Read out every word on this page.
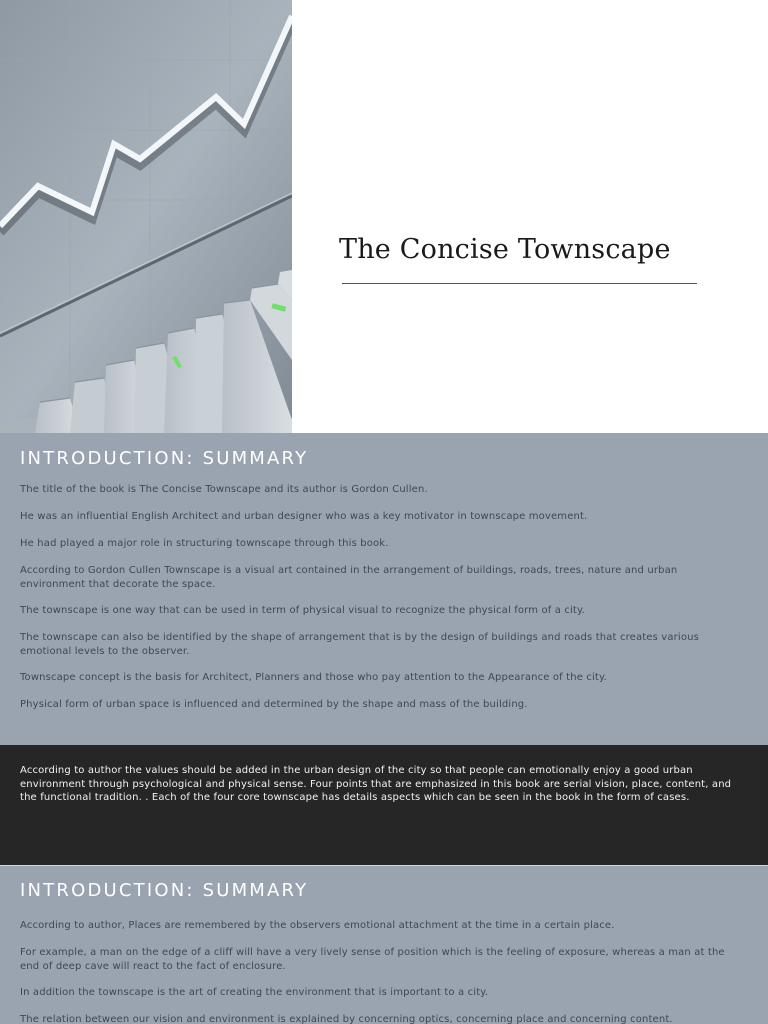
The Concise Townscape
INTRODUCTION: SUMMARY

The title of the book is The Concise Townscape and its author is Gordon Cullen.

He was an influential English Architect and urban designer who was a key motivator in townscape movement.

He had played a major role in structuring townscape through this book.

According to Gordon Cullen Townscape is a visual art contained in the arrangement of buildings, roads, trees, nature and urban environment that decorate the space.

The townscape is one way that can be used in term of physical visual to recognize the physical form of a city.

The townscape can also be identified by the shape of arrangement that is by the design of buildings and roads that creates various emotional levels to the observer.

Townscape concept is the basis for Architect, Planners and those who pay attention to the Appearance of the city.

Physical form of urban space is influenced and determined by the shape and mass of the building.

According to author the values should be added in the urban design of the city so that people can emotionally enjoy a good urban environment through psychological and physical sense. Four points that are emphasized in this book are serial vision, place, content, and the functional tradition. . Each of the four core townscape has details aspects which can be seen in the book in the form of cases.

INTRODUCTION: SUMMARY

According to author, Places are remembered by the observers emotional attachment at the time in a certain place.

For example, a man on the edge of a cliff will have a very lively sense of position which is the feeling of exposure, whereas a man at the end of deep cave will react to the fact of enclosure.

In addition the townscape is the art of creating the environment that is important to a city.

The relation between our vision and environment is explained by concerning optics, concerning place and concerning content.
